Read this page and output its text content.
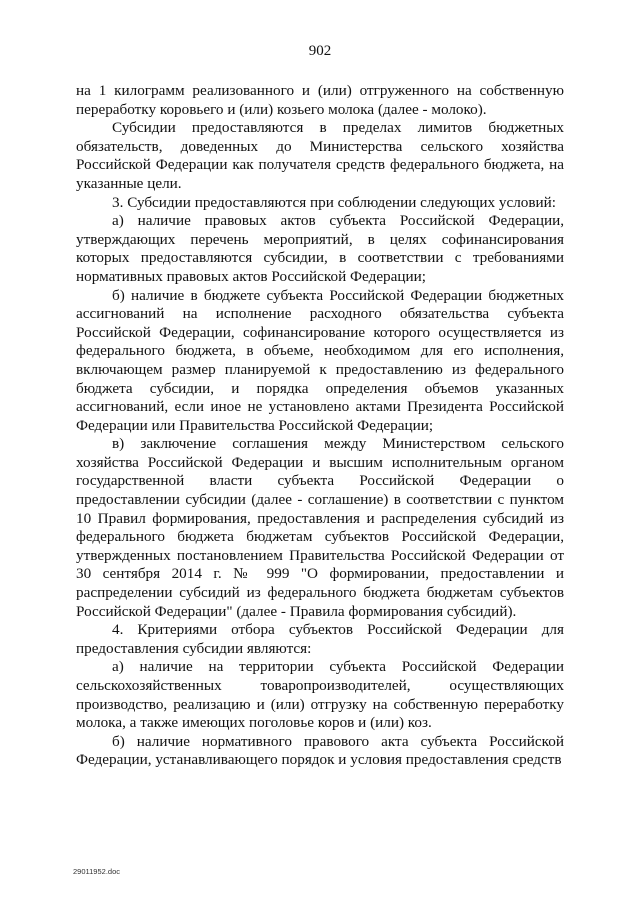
902

на 1 килограмм реализованного и (или) отгруженного на собственную переработку коровьего и (или) козьего молока (далее - молоко).

Субсидии предоставляются в пределах лимитов бюджетных обязательств, доведенных до Министерства сельского хозяйства Российской Федерации как получателя средств федерального бюджета, на указанные цели.

3. Субсидии предоставляются при соблюдении следующих условий:

а) наличие правовых актов субъекта Российской Федерации, утверждающих перечень мероприятий, в целях софинансирования которых предоставляются субсидии, в соответствии с требованиями нормативных правовых актов Российской Федерации;

б) наличие в бюджете субъекта Российской Федерации бюджетных ассигнований на исполнение расходного обязательства субъекта Российской Федерации, софинансирование которого осуществляется из федерального бюджета, в объеме, необходимом для его исполнения, включающем размер планируемой к предоставлению из федерального бюджета субсидии, и порядка определения объемов указанных ассигнований, если иное не установлено актами Президента Российской Федерации или Правительства Российской Федерации;

в) заключение соглашения между Министерством сельского хозяйства Российской Федерации и высшим исполнительным органом государственной власти субъекта Российской Федерации о предоставлении субсидии (далее - соглашение) в соответствии с пунктом 10 Правил формирования, предоставления и распределения субсидий из федерального бюджета бюджетам субъектов Российской Федерации, утвержденных постановлением Правительства Российской Федерации от 30 сентября 2014 г. № 999 "О формировании, предоставлении и распределении субсидий из федерального бюджета бюджетам субъектов Российской Федерации" (далее - Правила формирования субсидий).

4. Критериями отбора субъектов Российской Федерации для предоставления субсидии являются:

а) наличие на территории субъекта Российской Федерации сельскохозяйственных товаропроизводителей, осуществляющих производство, реализацию и (или) отгрузку на собственную переработку молока, а также имеющих поголовье коров и (или) коз.

б) наличие нормативного правового акта субъекта Российской Федерации, устанавливающего порядок и условия предоставления средств

29011952.doc
